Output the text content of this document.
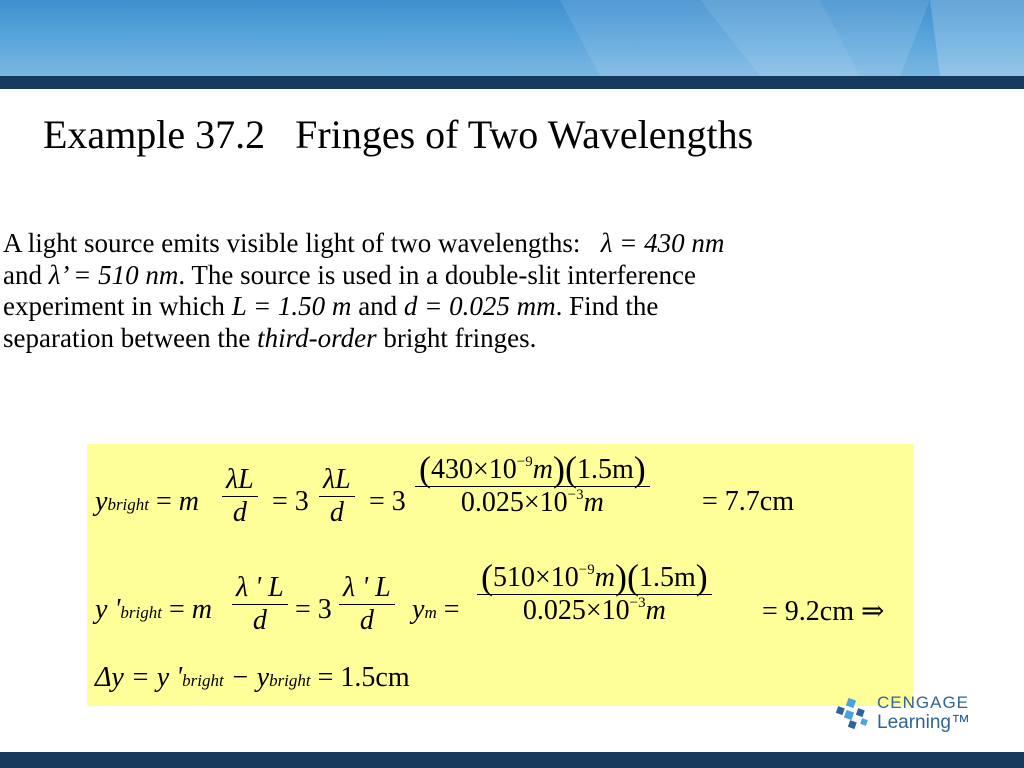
Example 37.2 Fringes of Two Wavelengths
A light source emits visible light of two wavelengths:   λ = 430 nm
and λ’ = 510 nm. The source is used in a double-slit interference
experiment in which L = 1.50 m and d = 0.025 mm. Find the
separation between the third-order bright fringes.
ybright = m $\frac{\lambda L}{d} = 3 \frac{\lambda L}{d} = 3 \frac{(430\times 10^{-9}m)(1.5m)}{0.025\times 10^{-3}m} = 7.7cm$
y 'bright = m $\frac{\lambda ' L}{d} = 3 \frac{\lambda ' L}{d}$ ym = $\frac{(510\times 10^{-9}m)(1.5m)}{0.025\times 10^{-3}m} = 9.2cm$ ⇒
Δy = y 'bright − ybright = 1.5cm
CENGAGE
Learning™
